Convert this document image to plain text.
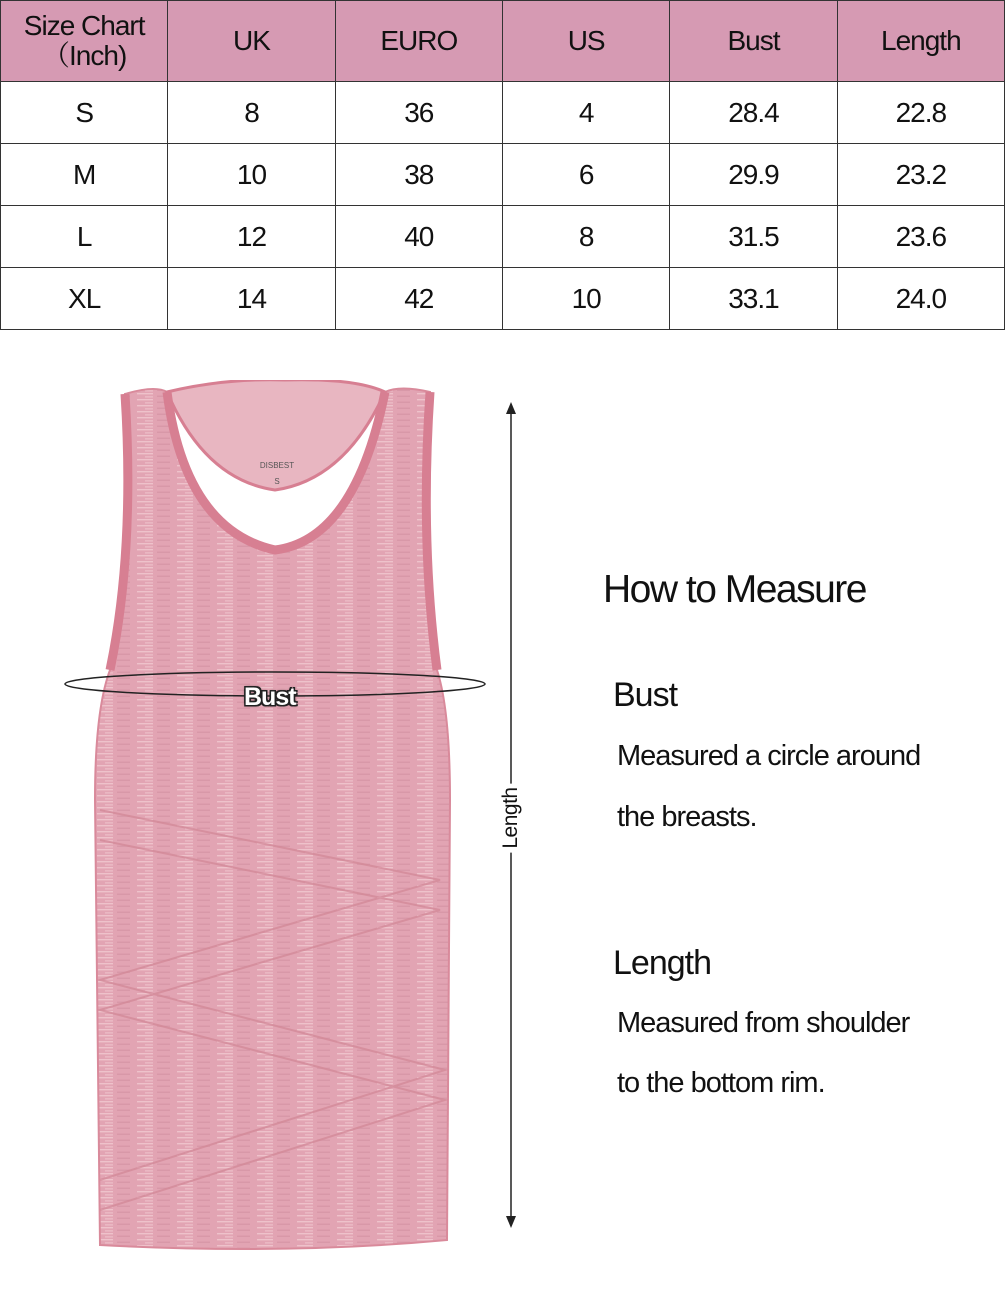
Size Chart
（Inch)	UK	EURO	US	Bust	Length
S	8	36	4	28.4	22.8
M	10	38	6	29.9	23.2
L	12	40	8	31.5	23.6
XL	14	42	10	33.1	24.0
DISBEST
S
Bust
Length
How to Measure
Bust
Measured a circle around
the breasts.
Length
Measured from shoulder
to the bottom rim.
